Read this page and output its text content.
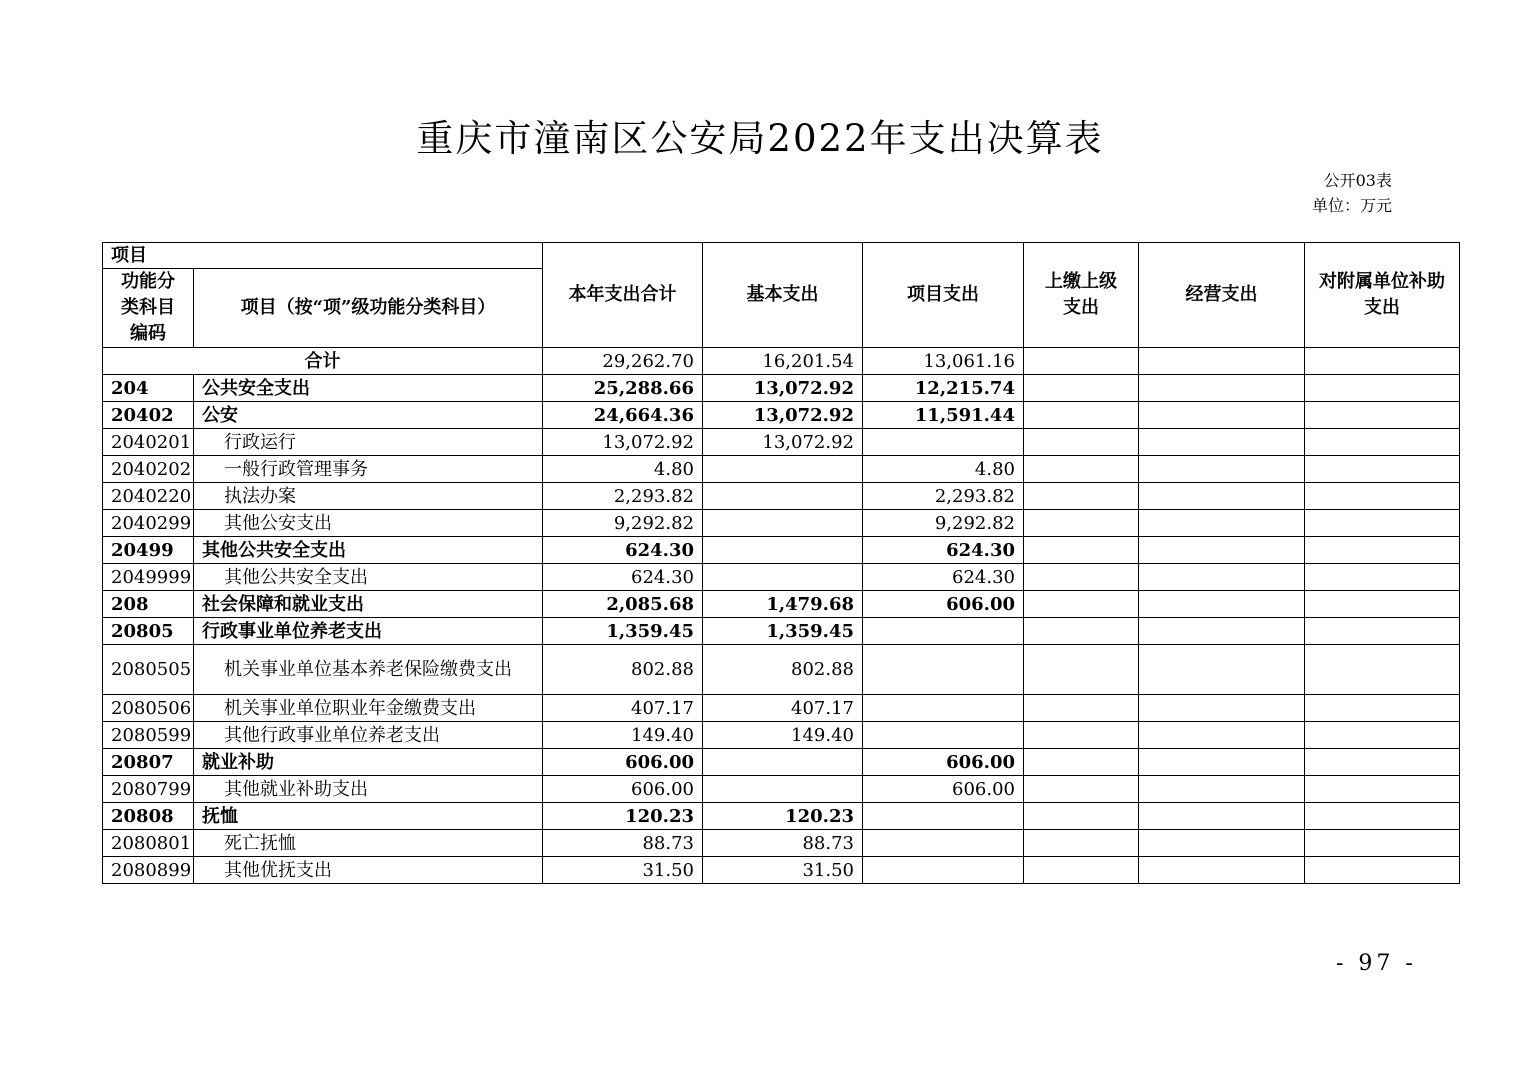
重庆市潼南区公安局2022年支出决算表
公开03表
单位：万元
项目		本年支出合计	基本支出	项目支出	上缴上级支出	经营支出	对附属单位补助支出
功能分类科目编码	项目（按“项”级功能分类科目）						
合计		29,262.70	16,201.54	13,061.16			
204	公共安全支出	25,288.66	13,072.92	12,215.74			
20402	公安	24,664.36	13,072.92	11,591.44			
2040201	行政运行	13,072.92	13,072.92				
2040202	一般行政管理事务	4.80		4.80			
2040220	执法办案	2,293.82		2,293.82			
2040299	其他公安支出	9,292.82		9,292.82			
20499	其他公共安全支出	624.30		624.30			
2049999	其他公共安全支出	624.30		624.30			
208	社会保障和就业支出	2,085.68	1,479.68	606.00			
20805	行政事业单位养老支出	1,359.45	1,359.45				
2080505	机关事业单位基本养老保险缴费支出	802.88	802.88				
2080506	机关事业单位职业年金缴费支出	407.17	407.17				
2080599	其他行政事业单位养老支出	149.40	149.40				
20807	就业补助	606.00		606.00			
2080799	其他就业补助支出	606.00		606.00			
20808	抚恤	120.23	120.23				
2080801	死亡抚恤	88.73	88.73				
2080899	其他优抚支出	31.50	31.50				
- 97 -
